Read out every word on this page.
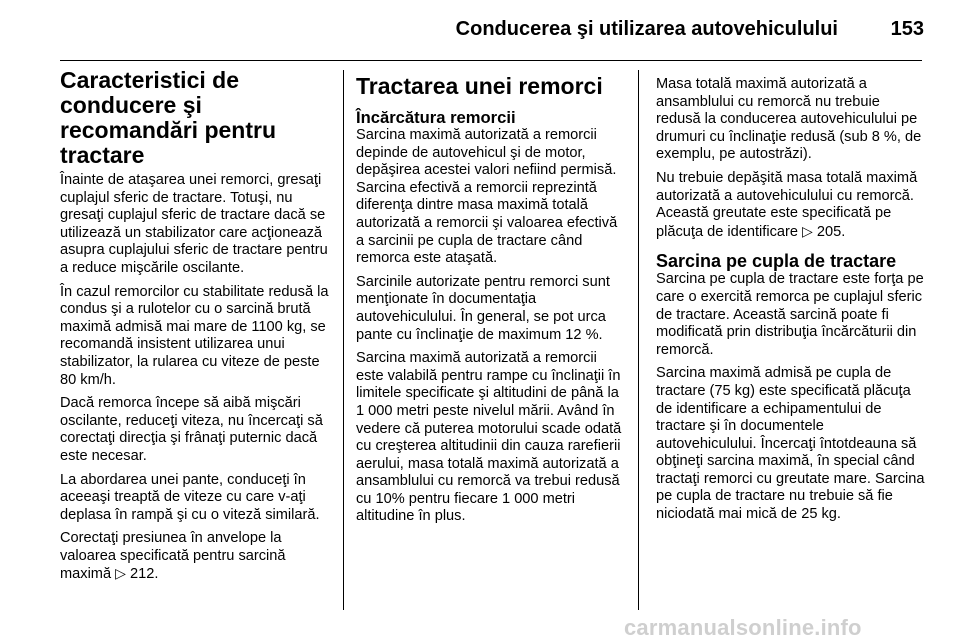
Conducerea şi utilizarea autovehiculului	153
Caracteristici de conducere şi recomandări pentru tractare

Înainte de ataşarea unei remorci, gresaţi cuplajul sferic de tractare. Totuşi, nu gresaţi cuplajul sferic de tractare dacă se utilizează un stabilizator care acţionează asupra cuplajului sferic de tractare pentru a reduce mişcările oscilante.

În cazul remorcilor cu stabilitate redusă la condus şi a rulotelor cu o sarcină brută maximă admisă mai mare de 1100 kg, se recomandă insistent utilizarea unui stabilizator, la rularea cu viteze de peste 80 km/h.

Dacă remorca începe să aibă mişcări oscilante, reduceţi viteza, nu încercaţi să corectaţi direcţia şi frânaţi puternic dacă este necesar.

La abordarea unei pante, conduceţi în aceeaşi treaptă de viteze cu care v-aţi deplasa în rampă şi cu o viteză similară.

Corectaţi presiunea în anvelope la valoarea specificată pentru sarcină maximă ▷ 212.

Tractarea unei remorci
Încărcătura remorcii

Sarcina maximă autorizată a remorcii depinde de autovehicul şi de motor, depăşirea acestei valori nefiind permisă. Sarcina efectivă a remorcii reprezintă diferenţa dintre masa maximă totală autorizată a remorcii şi valoarea efectivă a sarcinii pe cupla de tractare când remorca este ataşată.

Sarcinile autorizate pentru remorci sunt menţionate în documentaţia autovehiculului. În general, se pot urca pante cu înclinaţie de maximum 12 %.

Sarcina maximă autorizată a remorcii este valabilă pentru rampe cu înclinaţii în limitele specificate şi altitudini de până la 1 000 metri peste nivelul mării. Având în vedere că puterea motorului scade odată cu creşterea altitudinii din cauza rarefierii aerului, masa totală maximă autorizată a ansamblului cu remorcă va trebui redusă cu 10% pentru fiecare 1 000 metri altitudine în plus.

Masa totală maximă autorizată a ansamblului cu remorcă nu trebuie redusă la conducerea autovehiculului pe drumuri cu înclinaţie redusă (sub 8 %, de exemplu, pe autostrăzi).

Nu trebuie depăşită masa totală maximă autorizată a autovehiculului cu remorcă. Această greutate este specificată pe plăcuţa de identificare ▷ 205.

Sarcina pe cupla de tractare

Sarcina pe cupla de tractare este forţa pe care o exercită remorca pe cuplajul sferic de tractare. Această sarcină poate fi modificată prin distribuţia încărcăturii din remorcă.

Sarcina maximă admisă pe cupla de tractare (75 kg) este specificată plăcuţa de identificare a echipamentului de tractare şi în documentele autovehiculului. Încercaţi întotdeauna să obţineţi sarcina maximă, în special când tractaţi remorci cu greutate mare. Sarcina pe cupla de tractare nu trebuie să fie niciodată mai mică de 25 kg.

carmanualsonline.info
